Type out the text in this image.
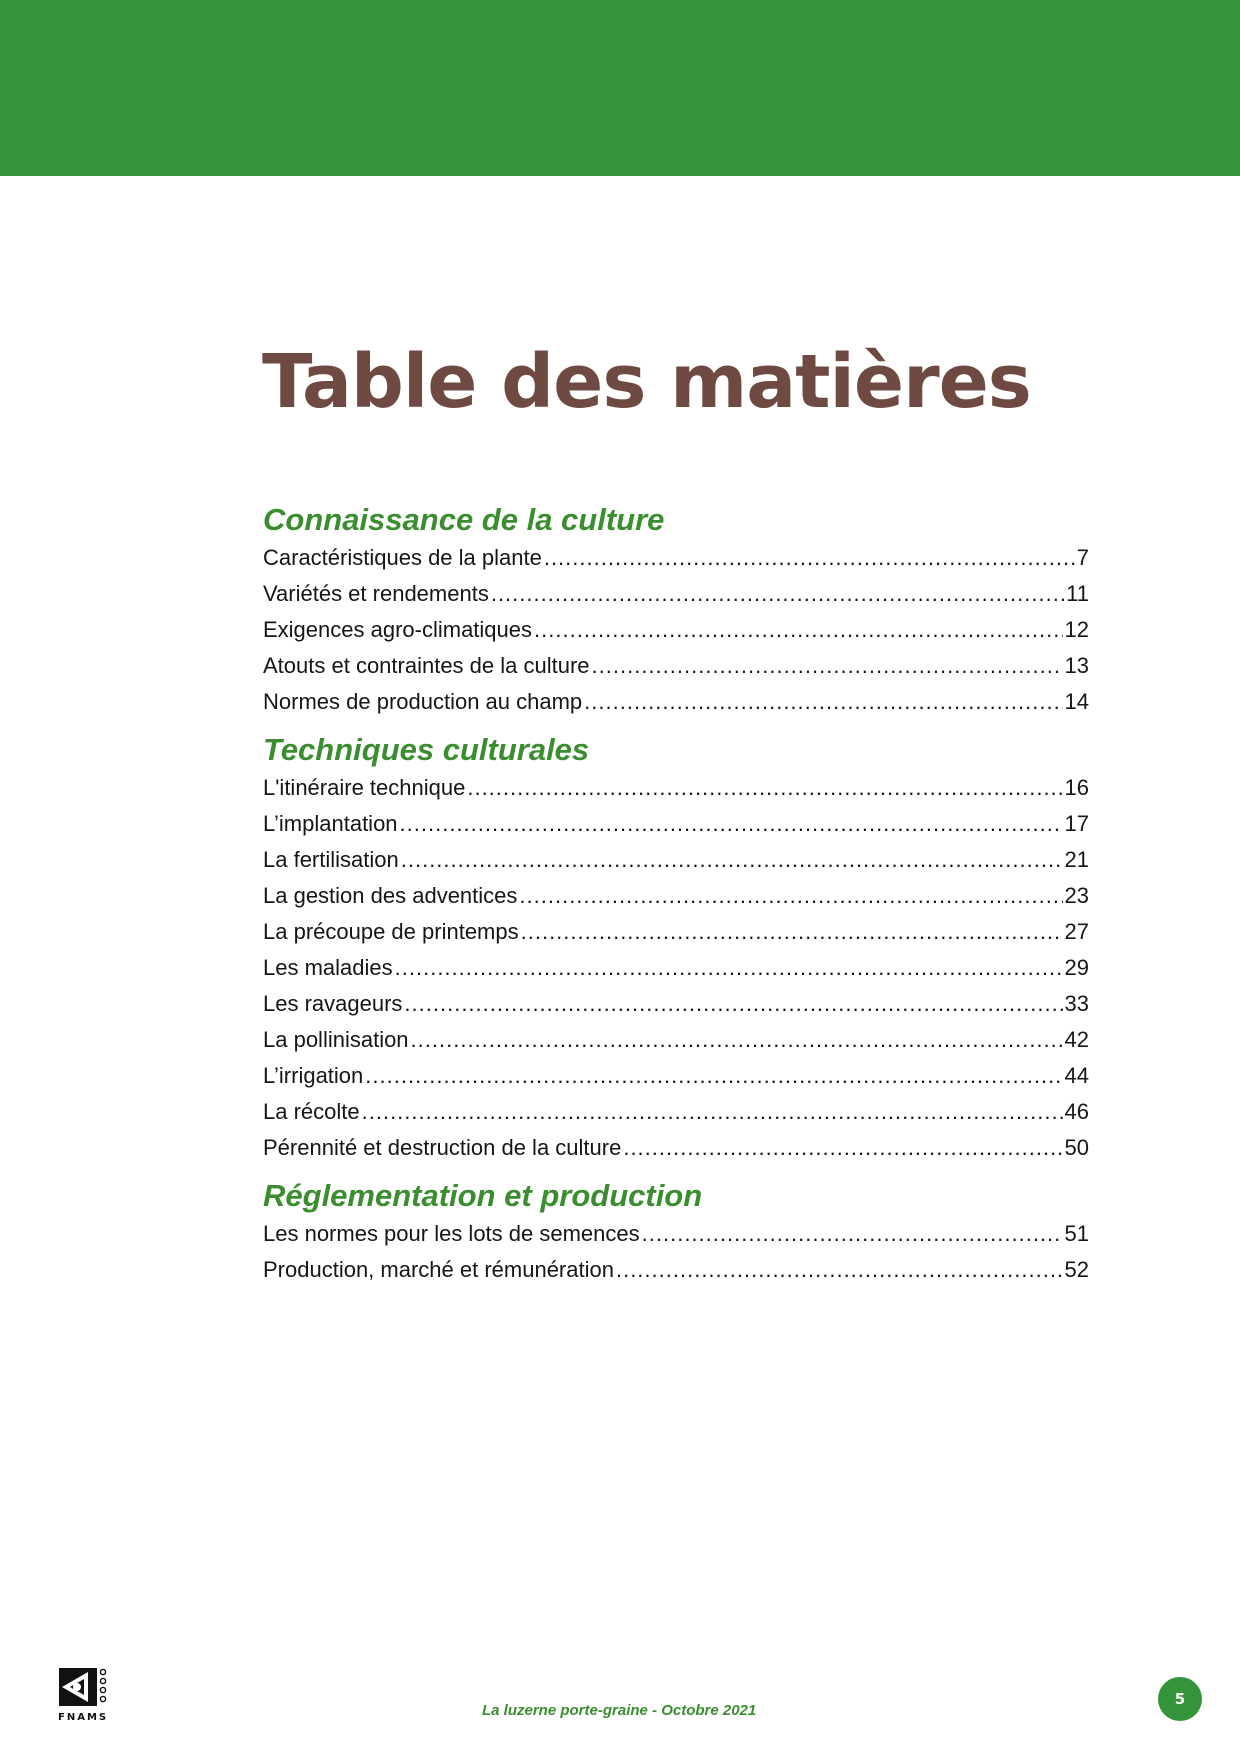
Table des matières
Connaissance de la culture
Caractéristiques de la plante .....	7
Variétés et rendements .....	11
Exigences agro-climatiques .....	12
Atouts et contraintes de la culture .....	13
Normes de production au champ .....	14
Techniques culturales
L'itinéraire technique .....	16
L’implantation .....	17
La fertilisation .....	21
La gestion des adventices .....	23
La précoupe de printemps .....	27
Les maladies .....	29
Les ravageurs .....	33
La pollinisation .....	42
L’irrigation .....	44
La récolte .....	46
Pérennité et destruction de la culture .....	50
Réglementation et production
Les normes pour les lots de semences .....	51
Production, marché et rémunération .....	52
FNAMS	La luzerne porte-graine - Octobre 2021
5
